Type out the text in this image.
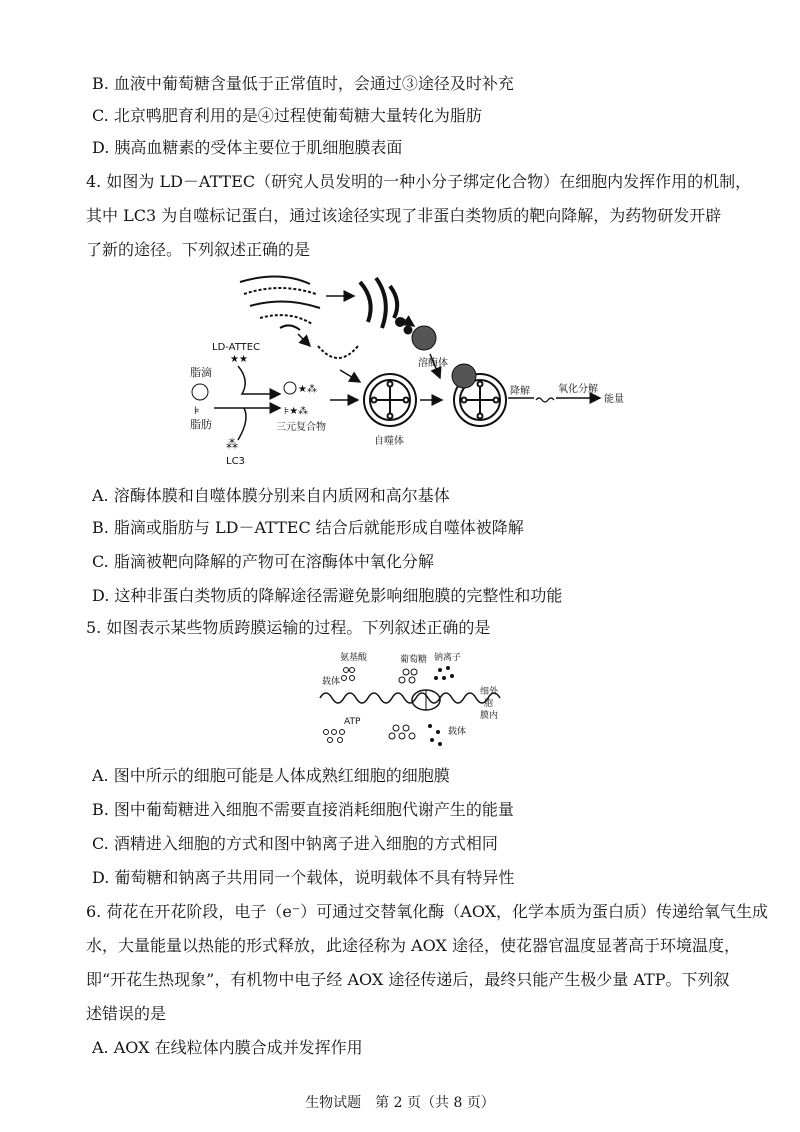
B. 血液中葡萄糖含量低于正常值时，会通过③途径及时补充
C. 北京鸭肥育利用的是④过程使葡萄糖大量转化为脂肪
D. 胰高血糖素的受体主要位于肌细胞膜表面
4. 如图为 LD－ATTEC（研究人员发明的一种小分子绑定化合物）在细胞内发挥作用的机制，
其中 LC3 为自噬标记蛋白，通过该途径实现了非蛋白类物质的靶向降解，为药物研发开辟
了新的途径。下列叙述正确的是
LD-ATTEC
★★
脂滴
⊧
脂肪
⁂
LC3
★⁂
⊧★⁂
三元复合物
自噬体
溶酶体
降解	氧化分解
能量
A. 溶酶体膜和自噬体膜分别来自内质网和高尔基体
B. 脂滴或脂肪与 LD－ATTEC 结合后就能形成自噬体被降解
C. 脂滴被靶向降解的产物可在溶酶体中氧化分解
D. 这种非蛋白类物质的降解途径需避免影响细胞膜的完整性和功能
5. 如图表示某些物质跨膜运输的过程。下列叙述正确的是
氨基酸	葡萄糖 钠离子
载体
细外
胞
膜内
ATP
载体
A. 图中所示的细胞可能是人体成熟红细胞的细胞膜
B. 图中葡萄糖进入细胞不需要直接消耗细胞代谢产生的能量
C. 酒精进入细胞的方式和图中钠离子进入细胞的方式相同
D. 葡萄糖和钠离子共用同一个载体，说明载体不具有特异性
6. 荷花在开花阶段，电子（e⁻）可通过交替氧化酶（AOX，化学本质为蛋白质）传递给氧气生成
水，大量能量以热能的形式释放，此途径称为 AOX 途径，使花器官温度显著高于环境温度，
即“开花生热现象”，有机物中电子经 AOX 途径传递后，最终只能产生极少量 ATP。下列叙
述错误的是
A. AOX 在线粒体内膜合成并发挥作用
生物试题　第 2 页（共 8 页）
